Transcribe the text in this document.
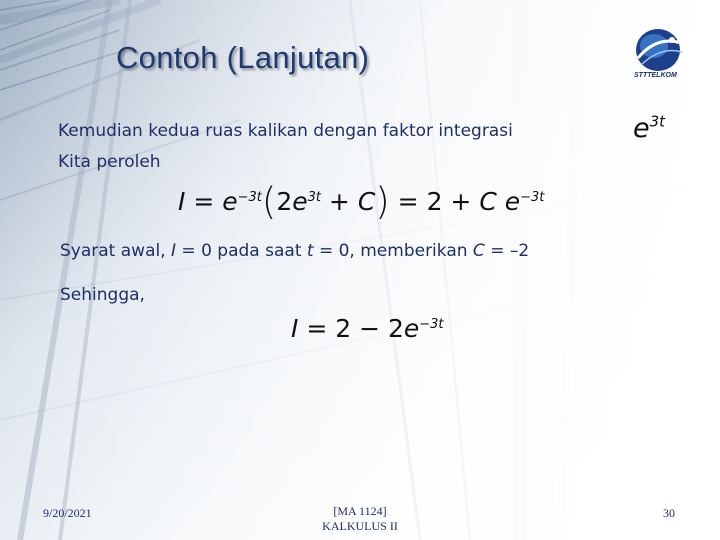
Contoh (Lanjutan)
STTTELKOM
Kemudian kedua ruas kalikan dengan faktor integrasi	$e^{3t}$
Kita peroleh
$I = e^{-3t}(2e^{3t} + C) = 2 + C$ $e^{-3t}$
Syarat awal, I = 0 pada saat t = 0, memberikan C = –2
Sehingga,
$I = 2 - 2e^{-3t}$
9/20/2021	[MA 1124]
KALKULUS II
30
